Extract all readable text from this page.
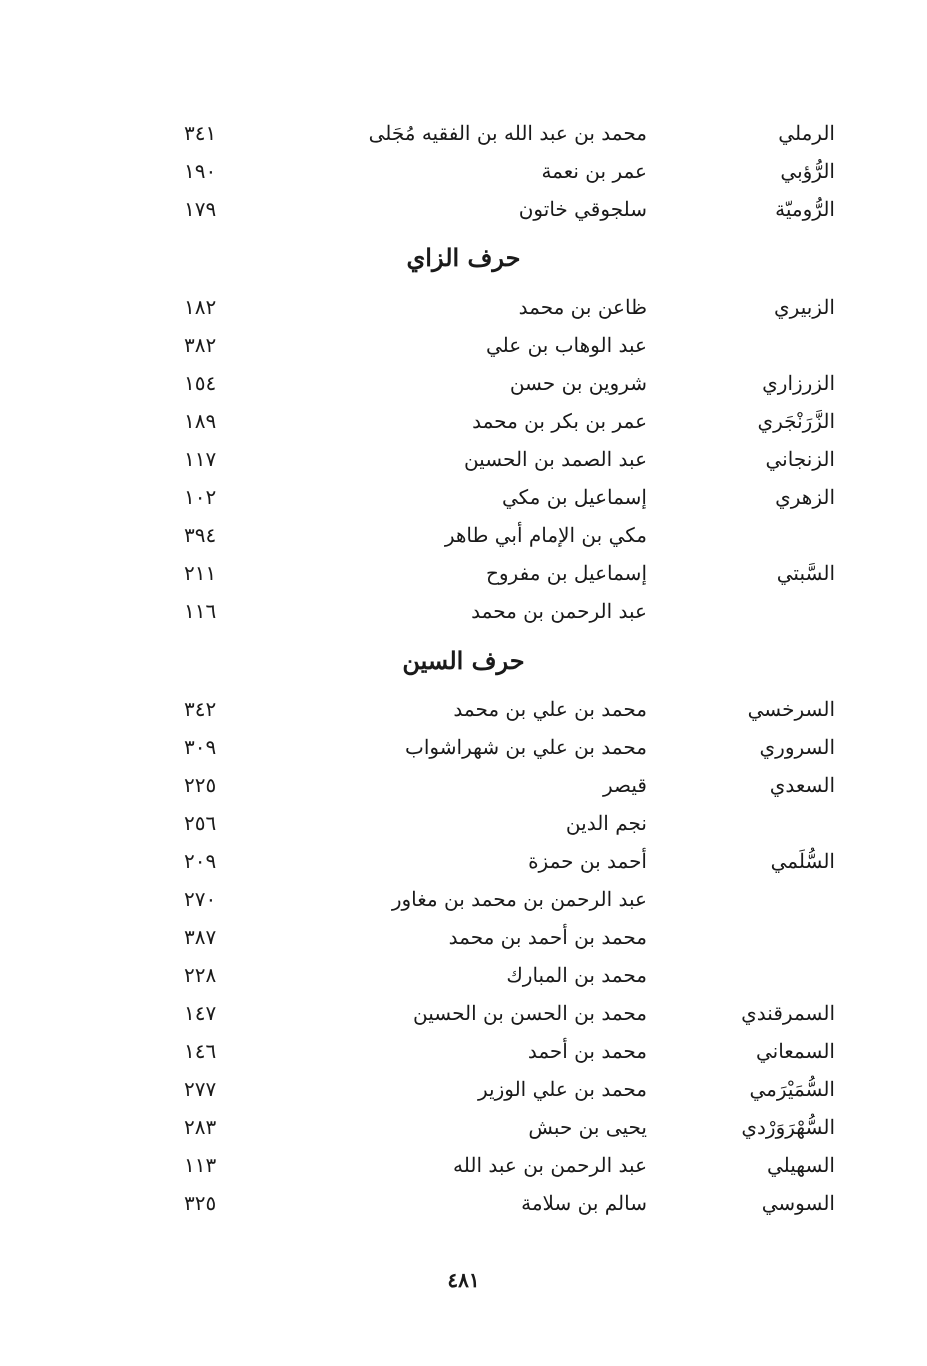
الرملي
محمد بن عبد الله بن الفقيه مُجَلى
٣٤١
الرُّؤبي
عمر بن نعمة
١٩٠
الرُّوميّة
سلجوقي خاتون
١٧٩
حرف الزاي
الزبيري
ظاعن بن محمد
١٨٢
عبد الوهاب بن علي
٣٨٢
الزرزاري
شروين بن حسن
١٥٤
الزَّرَنْجَري
عمر بن بكر بن محمد
١٨٩
الزنجاني
عبد الصمد بن الحسين
١١٧
الزهري
إسماعيل بن مكي
١٠٢
مكي بن الإمام أبي طاهر
٣٩٤
السَّبتي
إسماعيل بن مفروح
٢١١
عبد الرحمن بن محمد
١١٦
حرف السين
السرخسي
محمد بن علي بن محمد
٣٤٢
السروري
محمد بن علي بن شهراشواب
٣٠٩
السعدي
قيصر
٢٢٥
نجم الدين
٢٥٦
السُّلَمي
أحمد بن حمزة
٢٠٩
عبد الرحمن بن محمد بن مغاور
٢٧٠
محمد بن أحمد بن محمد
٣٨٧
محمد بن المبارك
٢٢٨
السمرقندي
محمد بن الحسن بن الحسين
١٤٧
السمعاني
محمد بن أحمد
١٤٦
السُّمَيْرَمي
محمد بن علي الوزير
٢٧٧
السُّهْرَوَرْدي
يحيى بن حبش
٢٨٣
السهيلي
عبد الرحمن بن عبد الله
١١٣
السوسي
سالم بن سلامة
٣٢٥
٤٨١
